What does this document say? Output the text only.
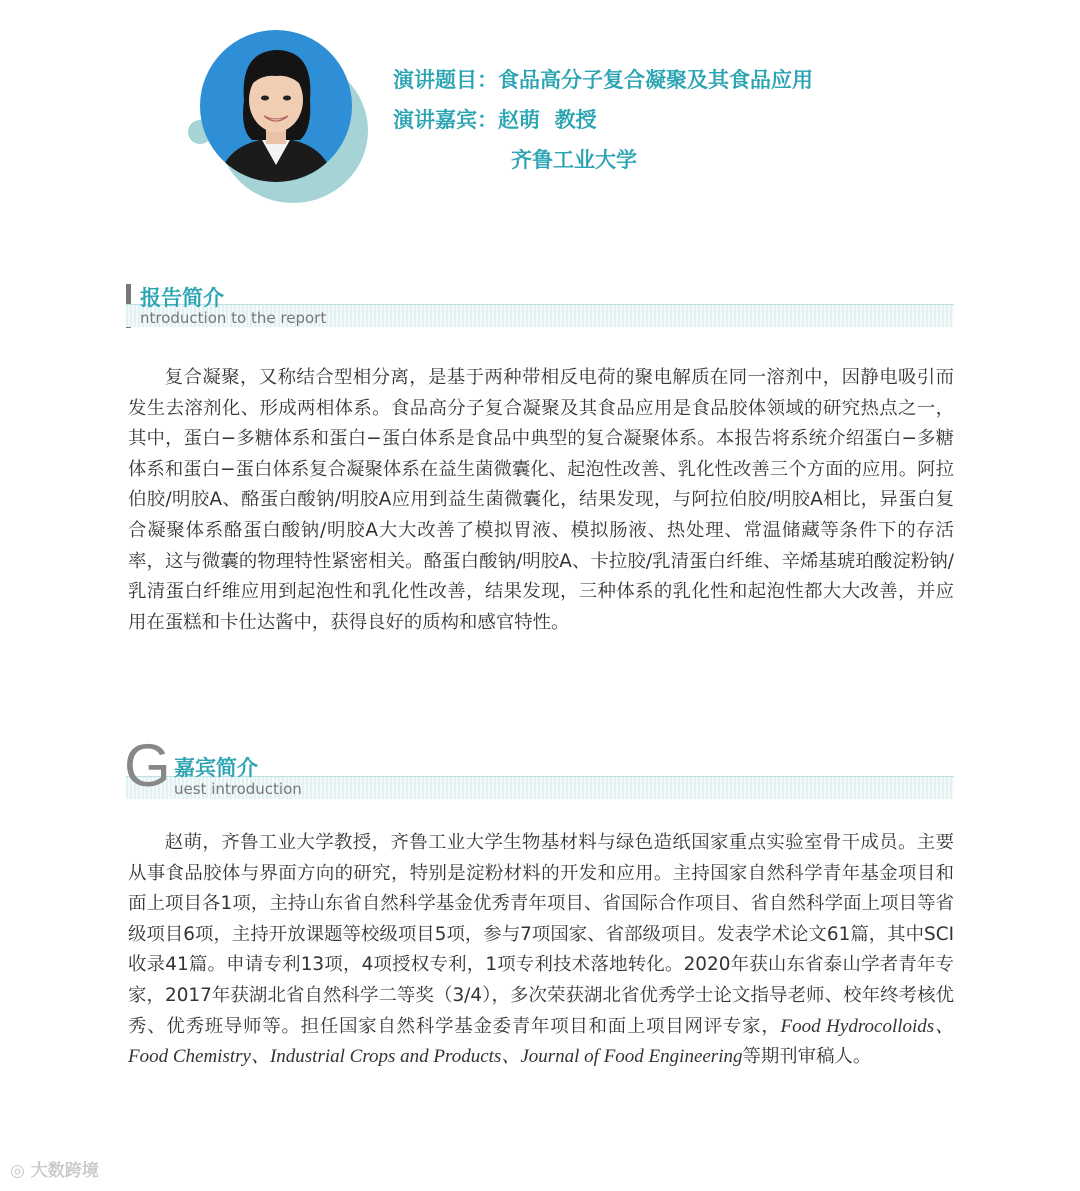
演讲题目：食品高分子复合凝聚及其食品应用
演讲嘉宾：赵萌  教授
齐鲁工业大学
报告简介
ntroduction to the report

复合凝聚，又称结合型相分离，是基于两种带相反电荷的聚电解质在同一溶剂中，因静电吸引而发生去溶剂化、形成两相体系。食品高分子复合凝聚及其食品应用是食品胶体领域的研究热点之一，其中，蛋白−多糖体系和蛋白−蛋白体系是食品中典型的复合凝聚体系。本报告将系统介绍蛋白−多糖体系和蛋白−蛋白体系复合凝聚体系在益生菌微囊化、起泡性改善、乳化性改善三个方面的应用。阿拉伯胶/明胶A、酪蛋白酸钠/明胶A应用到益生菌微囊化，结果发现，与阿拉伯胶/明胶A相比，异蛋白复合凝聚体系酪蛋白酸钠/明胶A大大改善了模拟胃液、模拟肠液、热处理、常温储藏等条件下的存活率，这与微囊的物理特性紧密相关。酪蛋白酸钠/明胶A、卡拉胶/乳清蛋白纤维、辛烯基琥珀酸淀粉钠/乳清蛋白纤维应用到起泡性和乳化性改善，结果发现，三种体系的乳化性和起泡性都大大改善，并应用在蛋糕和卡仕达酱中，获得良好的质构和感官特性。

G 嘉宾简介
uest introduction

赵萌，齐鲁工业大学教授，齐鲁工业大学生物基材料与绿色造纸国家重点实验室骨干成员。主要从事食品胶体与界面方向的研究，特别是淀粉材料的开发和应用。主持国家自然科学青年基金项目和面上项目各1项，主持山东省自然科学基金优秀青年项目、省国际合作项目、省自然科学面上项目等省级项目6项，主持开放课题等校级项目5项，参与7项国家、省部级项目。发表学术论文61篇，其中SCI收录41篇。申请专利13项，4项授权专利，1项专利技术落地转化。2020年获山东省泰山学者青年专家，2017年获湖北省自然科学二等奖（3/4），多次荣获湖北省优秀学士论文指导老师、校年终考核优秀、优秀班导师等。担任国家自然科学基金委青年项目和面上项目网评专家，Food Hydrocolloids、Food Chemistry、Industrial Crops and Products、Journal of Food Engineering等期刊审稿人。

◎ 大数跨境
